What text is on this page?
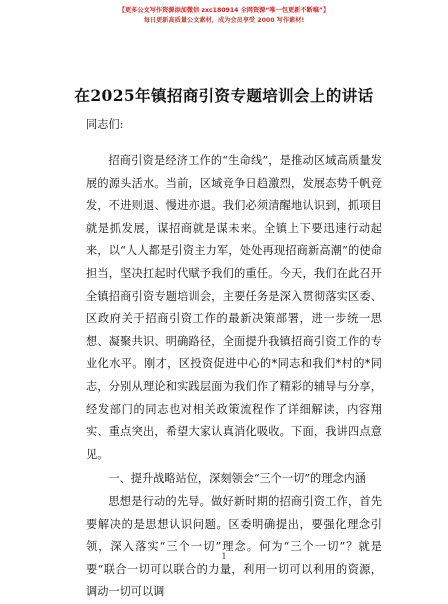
【更多公文写作资源添加微信 zxc180914 全网资源“唯一包更新不断稿”】
每日更新高质量公文素材，成为会员享受 2000 写作素材!
在2025年镇招商引资专题培训会上的讲话
同志们:

招商引资是经济工作的“生命线”，是推动区域高质量发展的源头活水。当前，区域竞争日趋激烈，发展态势千帆竞发，不进则退、慢进亦退。我们必须清醒地认识到，抓项目就是抓发展，谋招商就是谋未来。全镇上下要迅速行动起来，以“人人都是引资主力军，处处再现招商新高潮”的使命担当，坚决扛起时代赋予我们的重任。今天，我们在此召开全镇招商引资专题培训会，主要任务是深入贯彻落实区委、区政府关于招商引资工作的最新决策部署，进一步统一思想、凝聚共识、明确路径，全面提升我镇招商引资工作的专业化水平。刚才，区投资促进中心的*同志和我们*村的*同志，分别从理论和实践层面为我们作了精彩的辅导与分享，经发部门的同志也对相关政策流程作了详细解读，内容翔实、重点突出，希望大家认真消化吸收。下面，我讲四点意见。

一、提升战略站位，深刻领会“三个一切”的理念内涵

思想是行动的先导。做好新时期的招商引资工作，首先要解决的是思想认识问题。区委明确提出，要强化理念引领，深入落实“三个一切”理念。何为“三个一切”？就是要“联合一切可以联合的力量，利用一切可以利用的资源，调动一切可以调

1
